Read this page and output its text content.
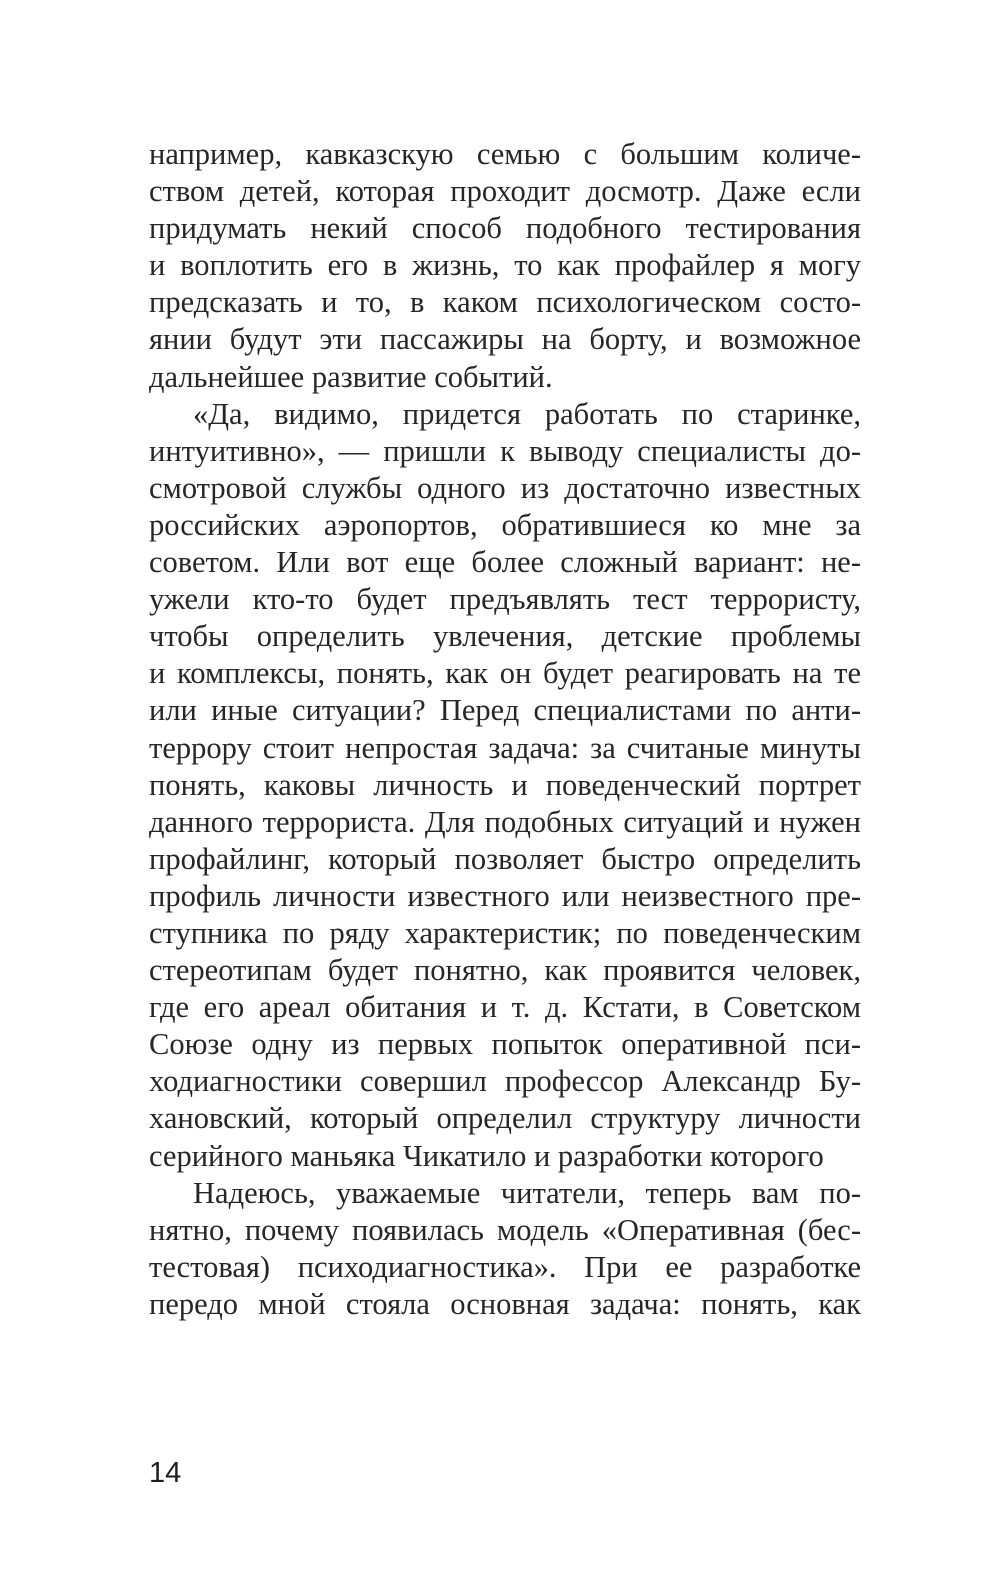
например, кавказскую семью с большим количе-
ством детей, которая проходит досмотр. Даже если
придумать некий способ подобного тестирования
и воплотить его в жизнь, то как профайлер я могу
предсказать и то, в каком психологическом состо-
янии будут эти пассажиры на борту, и возможное
дальнейшее развитие событий.
«Да, видимо, придется работать по старинке,
интуитивно», — пришли к выводу специалисты до-
смотровой службы одного из достаточно известных
российских аэропортов, обратившиеся ко мне за
советом. Или вот еще более сложный вариант: не-
ужели кто-то будет предъявлять тест террористу,
чтобы определить увлечения, детские проблемы
и комплексы, понять, как он будет реагировать на те
или иные ситуации? Перед специалистами по анти-
террору стоит непростая задача: за считаные минуты
понять, каковы личность и поведенческий портрет
данного террориста. Для подобных ситуаций и нужен
профайлинг, который позволяет быстро определить
профиль личности известного или неизвестного пре-
ступника по ряду характеристик; по поведенческим
стереотипам будет понятно, как проявится человек,
где его ареал обитания и т. д. Кстати, в Советском
Союзе одну из первых попыток оперативной пси-
ходиагностики совершил профессор Александр Бу-
хановский, который определил структуру личности
серийного маньяка Чикатило и разработки которого
Надеюсь, уважаемые читатели, теперь вам по-
нятно, почему появилась модель «Оперативная (бес-
тестовая) психодиагностика». При ее разработке
передо мной стояла основная задача: понять, как
14
